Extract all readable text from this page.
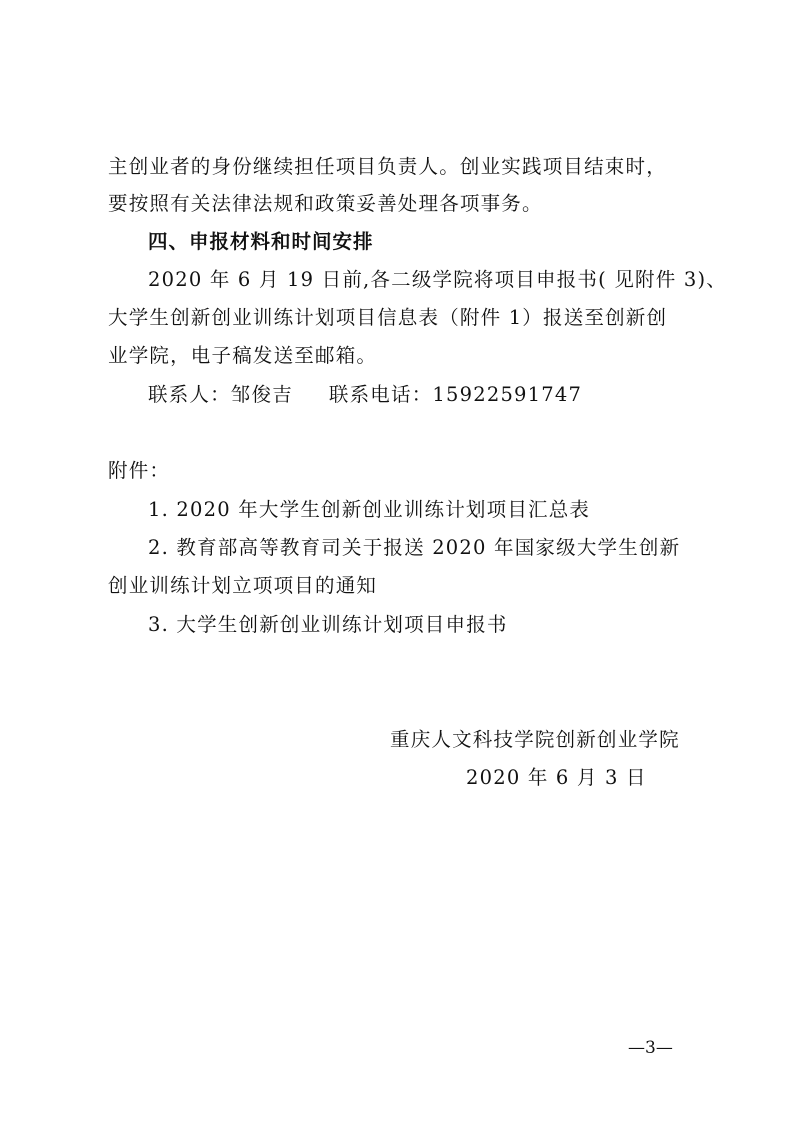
主创业者的身份继续担任项目负责人。创业实践项目结束时，
要按照有关法律法规和政策妥善处理各项事务。
四、申报材料和时间安排
2020 年 6 月 19 日前,各二级学院将项目申报书( 见附件 3)、
大学生创新创业训练计划项目信息表（附件 1）报送至创新创
业学院，电子稿发送至邮箱。
联系人：邹俊吉 联系电话：15922591747
附件：
1. 2020 年大学生创新创业训练计划项目汇总表
2. 教育部高等教育司关于报送 2020 年国家级大学生创新
创业训练计划立项项目的通知
3. 大学生创新创业训练计划项目申报书
重庆人文科技学院创新创业学院
2020 年 6 月 3 日
—3—
